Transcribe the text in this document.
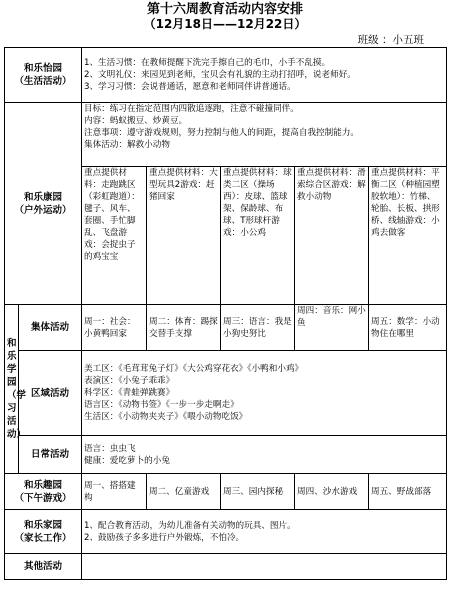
第十六周教育活动内容安排
（12月18日——12月22日）
班级 ：小五班
和乐怡园
（生活活动）		1、生活习惯：在教师提醒下洗完手擦自己的毛巾，小手不乱摸。
2、文明礼仪：来园见到老师，宝贝会有礼貌的主动打招呼，说老师好。
3、学习习惯：会说普通话，愿意和老师同伴讲普通话。				

和乐康园
（户外运动）		目标：练习在指定范围内四散追逐跑，注意不碰撞同伴。
内容：蚂蚁搬豆、炒黄豆。
注意事项：遵守游戏规则，努力控制与他人的间距，提高自我控制能力。
集体活动：解救小动物				

		重点提供材料：走跑跳区（彩虹跑道）：毽子、风车、套圈、手忙脚乱、飞盘游戏：会捉虫子的鸡宝宝	重点提供材料：大型玩具2游戏：赶猪回家	重点提供材料：球类二区（操场西）：皮球、篮球架、保龄球、布球、T形球杆游戏：小公鸡	重点提供材料：滑索综合区游戏：解救小动物	重点提供材料：平衡二区（种植园塑胶软地）：竹梯、轮胎、长板、拱形桥、线轴游戏：小鸡去做客

和乐学园（学习活动）	集体活动	周一：社会：小黄鸭回家	周二：体育：踢探交替手支撑	周三：语言：我是小狗史努比	周四：音乐：网小鱼	周五：数学：小动物住在哪里
	区域活动	美工区：《毛茸茸兔子灯》《大公鸡穿花衣》《小鸭和小鸡》
表演区：《小兔子乖乖》
科学区：《青蛙弹跳赛》
语言区：《动物书签》《一步一步走啊走》
生活区：《小动物夹夹子》《喂小动物吃饭》				

	日常活动	语言：虫虫飞
健康：爱吃萝卜的小兔				

和乐趣园
（下午游戏）		周一、搭搭建构	周二、亿童游戏	周三、园内探秘	周四、沙水游戏	周五、野战部落

和乐家园
（家长工作）		1、配合教育活动，为幼儿准备有关动物的玩具、图片。
2、鼓励孩子多多进行户外锻炼，不怕冷。				

其他活动						
